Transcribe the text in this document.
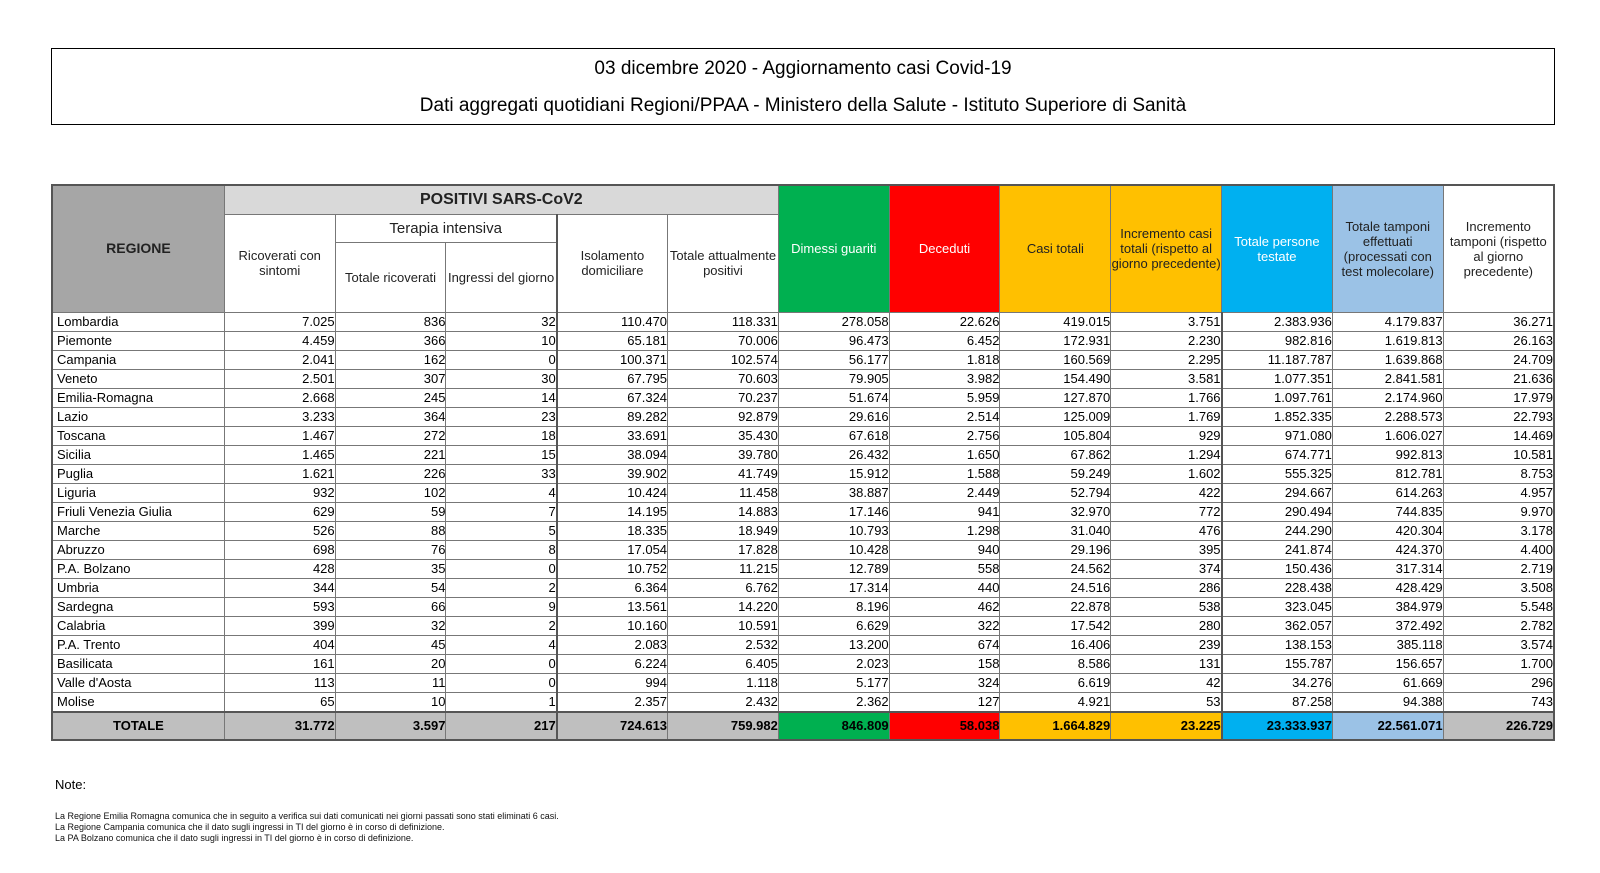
03 dicembre 2020 - Aggiornamento casi Covid-19
Dati aggregati quotidiani Regioni/PPAA - Ministero della Salute - Istituto Superiore di Sanità
REGIONE	POSITIVI SARS-CoV2					Dimessi guariti	Deceduti	Casi totali	Incremento casi totali (rispetto al giorno precedente)	Totale persone testate	Totale tamponi effettuati (processati con test molecolare)	Incremento tamponi (rispetto al giorno precedente)
	Ricoverati con sintomi	Terapia intensiva		Isolamento domiciliare	Totale attualmente positivi							
		Totale ricoverati	Ingressi del giorno									
Lombardia	7.025	836	32	110.470	118.331	278.058	22.626	419.015	3.751	2.383.936	4.179.837	36.271
Piemonte	4.459	366	10	65.181	70.006	96.473	6.452	172.931	2.230	982.816	1.619.813	26.163
Campania	2.041	162	0	100.371	102.574	56.177	1.818	160.569	2.295	11.187.787	1.639.868	24.709
Veneto	2.501	307	30	67.795	70.603	79.905	3.982	154.490	3.581	1.077.351	2.841.581	21.636
Emilia-Romagna	2.668	245	14	67.324	70.237	51.674	5.959	127.870	1.766	1.097.761	2.174.960	17.979
Lazio	3.233	364	23	89.282	92.879	29.616	2.514	125.009	1.769	1.852.335	2.288.573	22.793
Toscana	1.467	272	18	33.691	35.430	67.618	2.756	105.804	929	971.080	1.606.027	14.469
Sicilia	1.465	221	15	38.094	39.780	26.432	1.650	67.862	1.294	674.771	992.813	10.581
Puglia	1.621	226	33	39.902	41.749	15.912	1.588	59.249	1.602	555.325	812.781	8.753
Liguria	932	102	4	10.424	11.458	38.887	2.449	52.794	422	294.667	614.263	4.957
Friuli Venezia Giulia	629	59	7	14.195	14.883	17.146	941	32.970	772	290.494	744.835	9.970
Marche	526	88	5	18.335	18.949	10.793	1.298	31.040	476	244.290	420.304	3.178
Abruzzo	698	76	8	17.054	17.828	10.428	940	29.196	395	241.874	424.370	4.400
P.A. Bolzano	428	35	0	10.752	11.215	12.789	558	24.562	374	150.436	317.314	2.719
Umbria	344	54	2	6.364	6.762	17.314	440	24.516	286	228.438	428.429	3.508
Sardegna	593	66	9	13.561	14.220	8.196	462	22.878	538	323.045	384.979	5.548
Calabria	399	32	2	10.160	10.591	6.629	322	17.542	280	362.057	372.492	2.782
P.A. Trento	404	45	4	2.083	2.532	13.200	674	16.406	239	138.153	385.118	3.574
Basilicata	161	20	0	6.224	6.405	2.023	158	8.586	131	155.787	156.657	1.700
Valle d'Aosta	113	11	0	994	1.118	5.177	324	6.619	42	34.276	61.669	296
Molise	65	10	1	2.357	2.432	2.362	127	4.921	53	87.258	94.388	743
TOTALE	31.772	3.597	217	724.613	759.982	846.809	58.038	1.664.829	23.225	23.333.937	22.561.071	226.729
Note:
La Regione Emilia Romagna comunica che in seguito a verifica sui dati comunicati nei giorni passati sono stati eliminati 6 casi.
La Regione Campania comunica che il dato sugli ingressi in TI del giorno è in corso di definizione.
La PA Bolzano comunica che il dato sugli ingressi in TI del giorno è in corso di definizione.
